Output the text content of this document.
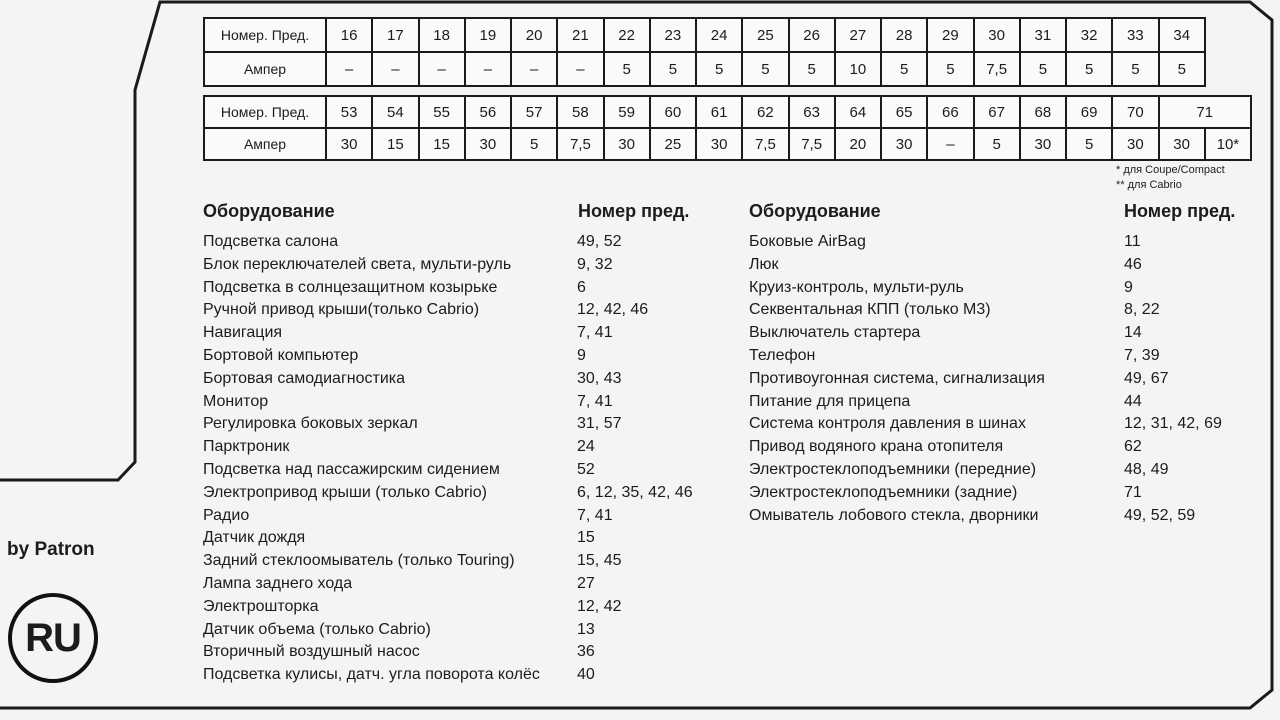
Номер. Пред.	16	17	18	19	20	21	22	23	24	25	26	27	28	29	30	31	32	33	34
Ампер	–	–	–	–	–	–	5	5	5	5	5	10	5	5	7,5	5	5	5	5
Номер. Пред.	53	54	55	56	57	58	59	60	61	62	63	64	65	66	67	68	69	70	71	
Ампер	30	15	15	30	5	7,5	30	25	30	7,5	7,5	20	30	–	5	30	5	30	30	10*
* для Coupe/Compact
** для Cabrio
Оборудование	Номер пред.	Оборудование	Номер пред.
Подсветка салона	49, 52
Блок переключателей света, мульти-руль	9, 32
Подсветка в солнцезащитном козырьке	6
Ручной привод крыши(только Cabrio)	12, 42, 46
Навигация	7, 41
Бортовой компьютер	9
Бортовая самодиагностика	30, 43
Монитор	7, 41
Регулировка боковых зеркал	31, 57
Парктроник	24
Подсветка над пассажирским сидением	52
Электропривод крыши (только Cabrio)	6, 12, 35, 42, 46
Радио	7, 41
Датчик дождя	15
Задний стеклоомыватель (только Touring)	15, 45
Лампа заднего хода	27
Электрошторка	12, 42
Датчик объема (только Cabrio)	13
Вторичный воздушный насос	36
Подсветка кулисы, датч. угла поворота колёс 40
Боковые AirBag	11
Люк	46
Круиз-контроль, мульти-руль	9
Секвентальная КПП (только М3)	8, 22
Выключатель стартера	14
Телефон	7, 39
Противоугонная система, сигнализация	49, 67
Питание для прицепа	44
Система контроля давления в шинах	12, 31, 42, 69
Привод водяного крана отопителя	62
Электростеклоподъемники (передние)	48, 49
Электростеклоподъемники (задние)	71
Омыватель лобового стекла, дворники	49, 52, 59
by Patron
RU
